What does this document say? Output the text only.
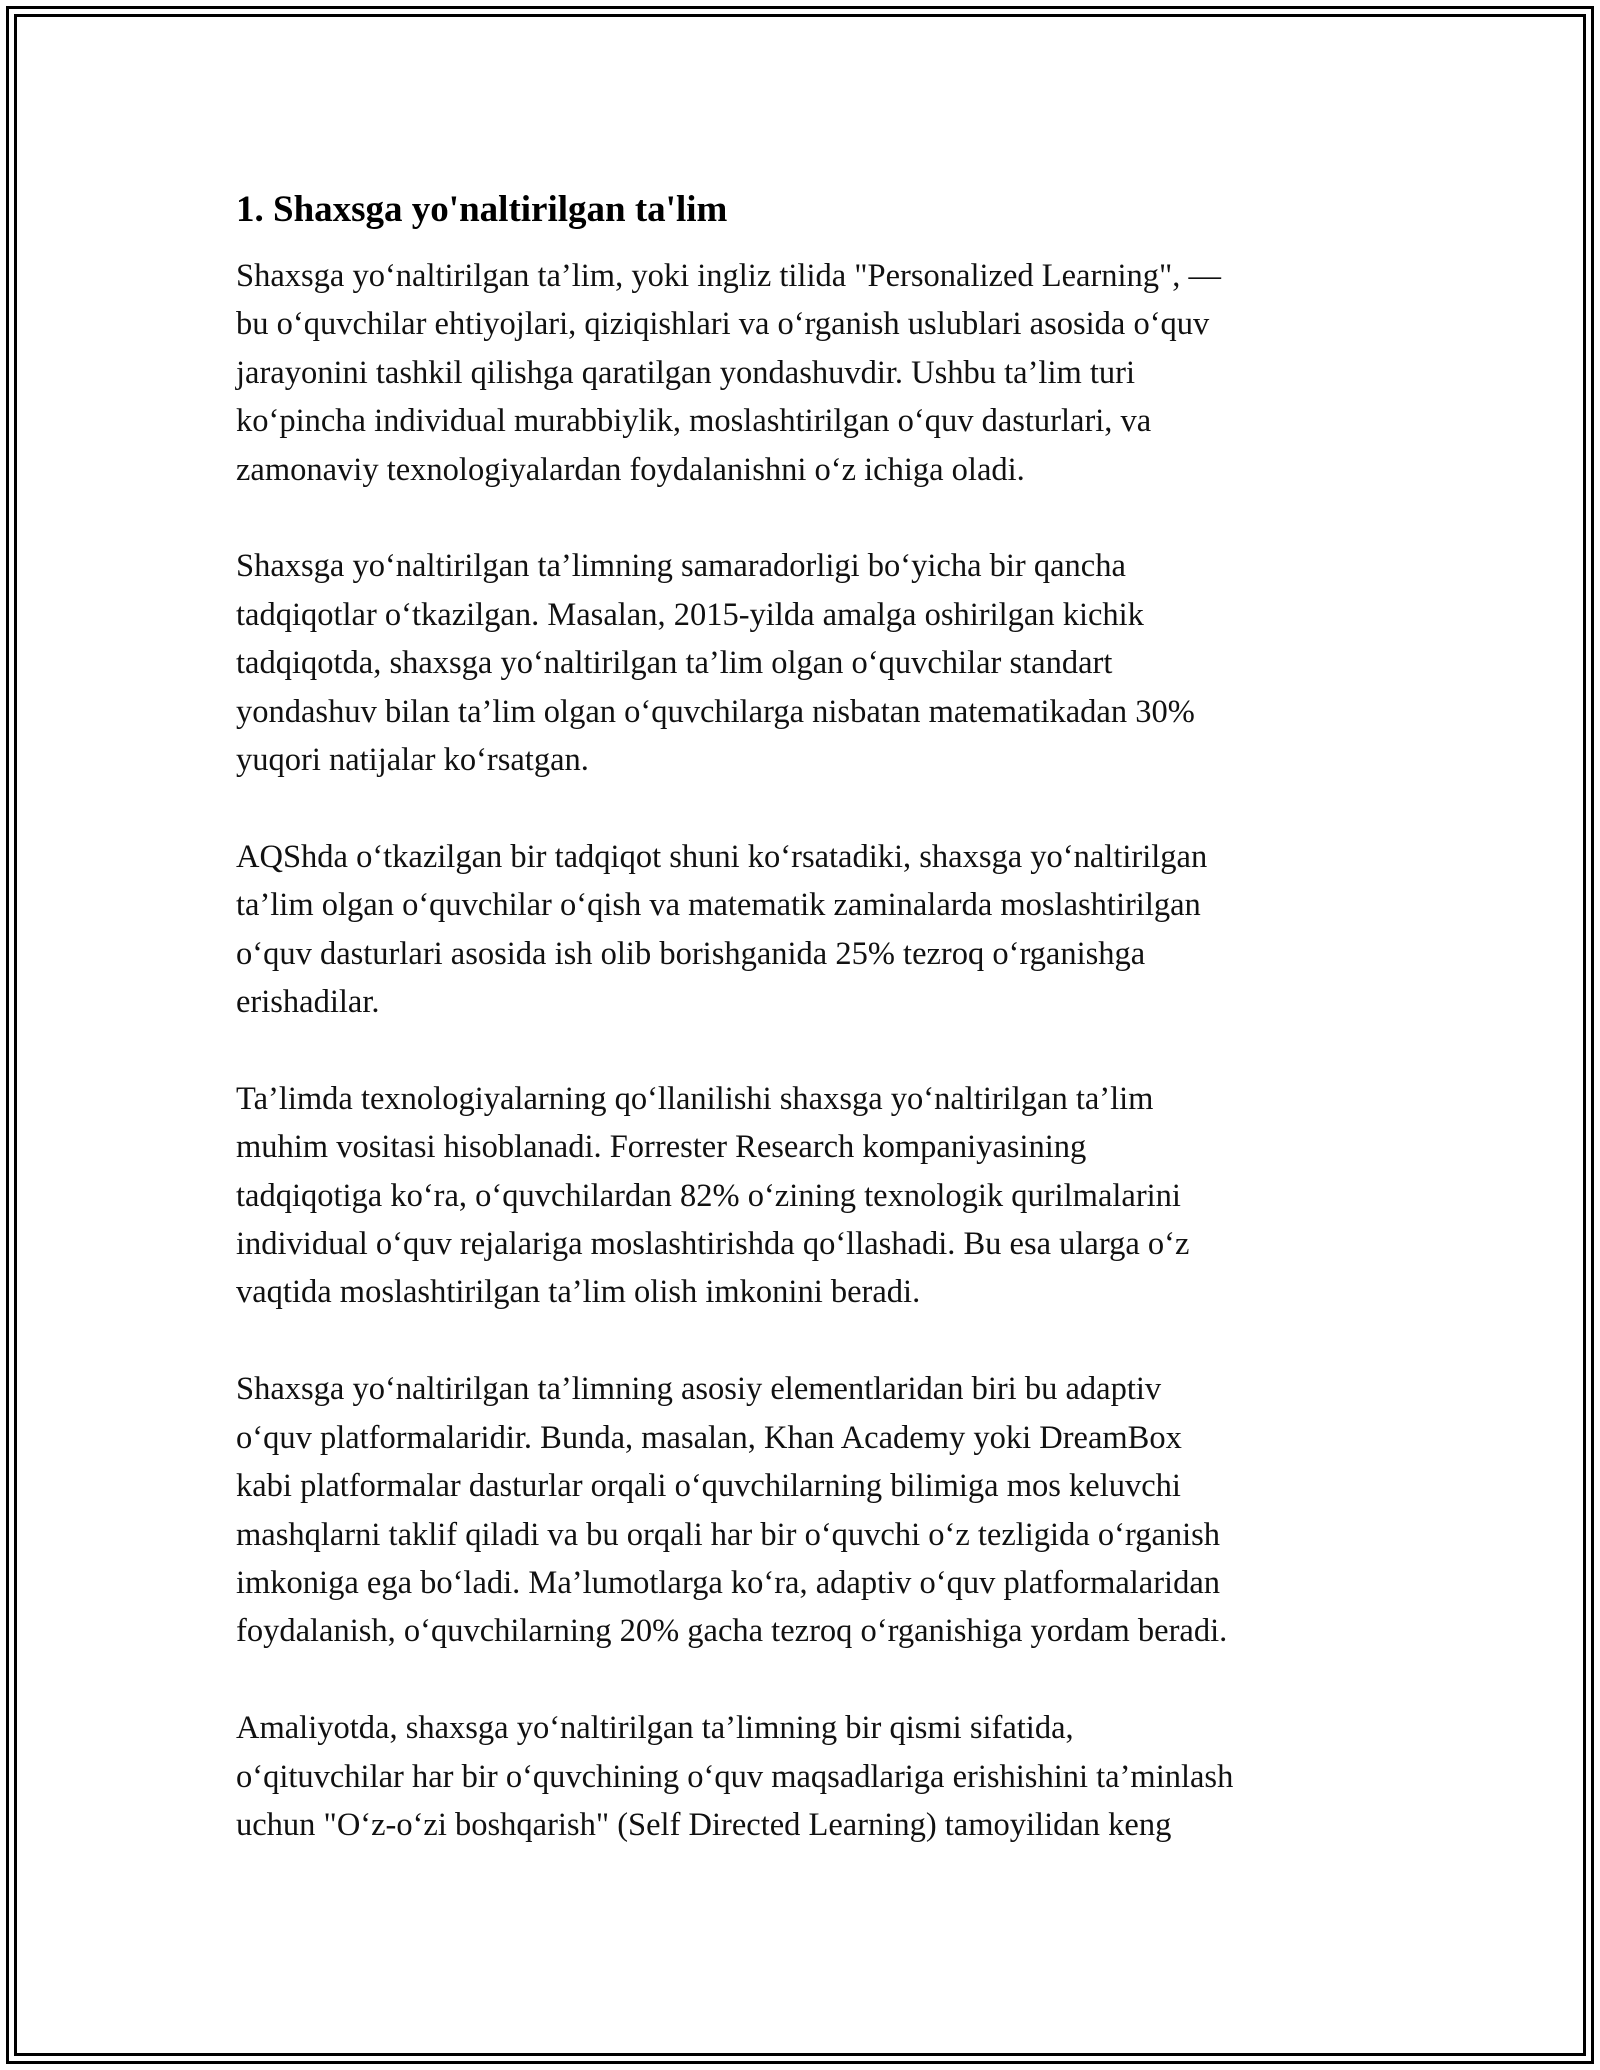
1. Shaxsga yo'naltirilgan ta'lim

Shaxsga yo‘naltirilgan ta’lim, yoki ingliz tilida "Personalized Learning", —
bu o‘quvchilar ehtiyojlari, qiziqishlari va o‘rganish uslublari asosida o‘quv
jarayonini tashkil qilishga qaratilgan yondashuvdir. Ushbu ta’lim turi
ko‘pincha individual murabbiylik, moslashtirilgan o‘quv dasturlari, va
zamonaviy texnologiyalardan foydalanishni o‘z ichiga oladi.

Shaxsga yo‘naltirilgan ta’limning samaradorligi bo‘yicha bir qancha
tadqiqotlar o‘tkazilgan. Masalan, 2015-yilda amalga oshirilgan kichik
tadqiqotda, shaxsga yo‘naltirilgan ta’lim olgan o‘quvchilar standart
yondashuv bilan ta’lim olgan o‘quvchilarga nisbatan matematikadan 30%
yuqori natijalar ko‘rsatgan.

AQShda o‘tkazilgan bir tadqiqot shuni ko‘rsatadiki, shaxsga yo‘naltirilgan
ta’lim olgan o‘quvchilar o‘qish va matematik zaminalarda moslashtirilgan
o‘quv dasturlari asosida ish olib borishganida 25% tezroq o‘rganishga
erishadilar.

Ta’limda texnologiyalarning qo‘llanilishi shaxsga yo‘naltirilgan ta’lim
muhim vositasi hisoblanadi. Forrester Research kompaniyasining
tadqiqotiga ko‘ra, o‘quvchilardan 82% o‘zining texnologik qurilmalarini
individual o‘quv rejalariga moslashtirishda qo‘llashadi. Bu esa ularga o‘z
vaqtida moslashtirilgan ta’lim olish imkonini beradi.

Shaxsga yo‘naltirilgan ta’limning asosiy elementlaridan biri bu adaptiv
o‘quv platformalaridir. Bunda, masalan, Khan Academy yoki DreamBox
kabi platformalar dasturlar orqali o‘quvchilarning bilimiga mos keluvchi
mashqlarni taklif qiladi va bu orqali har bir o‘quvchi o‘z tezligida o‘rganish
imkoniga ega bo‘ladi. Ma’lumotlarga ko‘ra, adaptiv o‘quv platformalaridan
foydalanish, o‘quvchilarning 20% gacha tezroq o‘rganishiga yordam beradi.

Amaliyotda, shaxsga yo‘naltirilgan ta’limning bir qismi sifatida,
o‘qituvchilar har bir o‘quvchining o‘quv maqsadlariga erishishini ta’minlash
uchun "O‘z-o‘zi boshqarish" (Self Directed Learning) tamoyilidan keng
